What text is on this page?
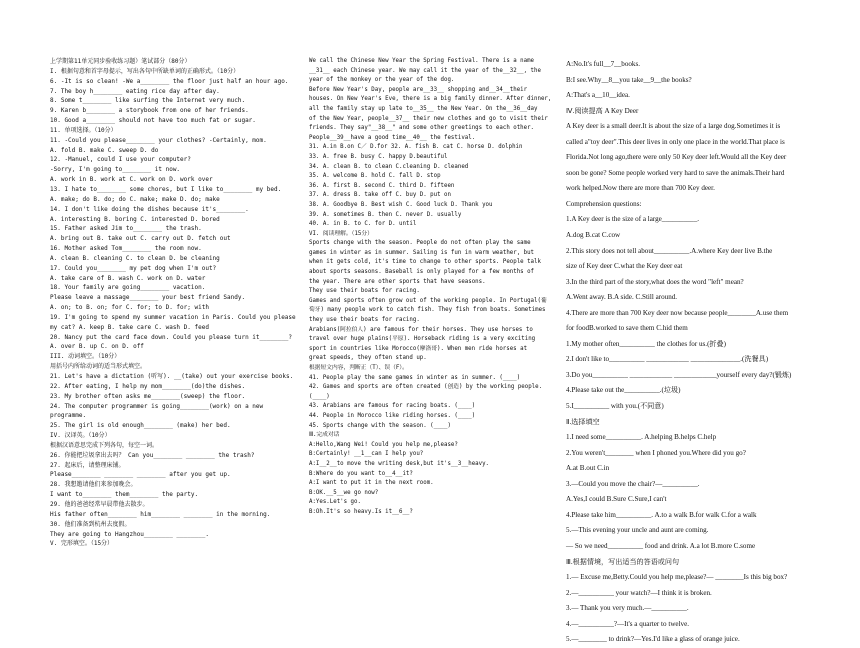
上学期第11单元同步验收练习题）笔试部分（80分）
I. 根据句意和首字母提示，写出各句中所缺单词的正确形式。（10分）
6. -It is so clean! -We a________ the floor just half an hour ago.
7. The boy h________ eating rice day after day.
8. Some t________ like surfing the Internet very much.
9. Karen b________ a storybook from one of her friends.
10. Good a________ should not have too much fat or sugar.
11. 单项选择。（10分）
11. -Could you please________ your clothes? -Certainly, mom.
A. fold B. make C. sweep D. do
12. -Manuel, could I use your computer?
-Sorry, I'm going to________ it now.
A. work in B. work at C. work on D. work over
13. I hate to________ some chores, but I like to________ my bed.
A. make; do B. do; do C. make; make D. do; make
14. I don't like doing the dishes because it's________.
A. interesting B. boring C. interested D. bored
15. Father asked Jim to________ the trash.
A. bring out B. take out C. carry out D. fetch out
16. Mother asked Tom________ the room now.
A. clean B. cleaning C. to clean D. be cleaning
17. Could you________ my pet dog when I'm out?
A. take care of B. wash C. work on D. water
18. Your family are going________ vacation.
Please leave a massage________ your best friend Sandy.
A. on; to B. on; for C. for; to D. for; with
19. I'm going to spend my summer vacation in Paris. Could you please
my cat? A. keep B. take care C. wash D. feed
20. Nancy put the card face down. Could you please turn it________?
A. over B. up C. on D. off
III. 动词填空。（10分）
用括号内所给动词的适当形式填空。
21. Let's have a dictation (听写). __(take) out your exercise books.
22. After eating, I help my mom________(do)the dishes.
23. My brother often asks me________(sweep) the floor.
24. The computer programmer is going________(work) on a new
programme.
25. The girl is old enough________ (make) her bed.
IV. 汉译英。（10分）
根据汉语意思完成下列各句，每空一词。
26. 你能把垃圾拿出去吗？ Can you________ ________ the trash?
27. 起床后，请整理床铺。
Please________ ________ ________ after you get up.
28. 我想邀请他们来参加晚会。
I want to________ them________ the party.
29. 他的爸爸经常早晨带他去散步。
His father often________ him________ ________ in the morning.
30. 他们准备到杭州去度假。
They are going to Hangzhou________ ________.
V. 完形填空。（15分）
We call the Chinese New Year the Spring Festival. There is a name
__31__ each Chinese year. We may call it the year of the__32__, the
year of the monkey or the year of the dog.
Before New Year's Day, people are__33__ shopping and__34__their
houses. On New Year's Eve, there is a big family dinner. After dinner,
all the family stay up late to__35__ the New Year. On the__36__day
of the New Year, people__37__ their new clothes and go to visit their
friends. They say"__38__" and some other greetings to each other.
People__39__have a good time__40__ the festival.
31. A.in B.on C／ D.for 32. A. fish B. cat C. horse D. dolphin
33. A. free B. busy C. happy D.beautiful
34. A. clean B. to clean C.cleaning D. cleaned
35. A. welcome B. hold C. fall D. stop
36. A. first B. second C. third D. fifteen
37. A. dress B. take off C. buy D. put on
38. A. Goodbye B. Best wish C. Good luck D. Thank you
39. A. sometimes B. then C. never D. usually
40. A. in B. to C. for D. until
VI. 阅读理解。（15分）
Sports change with the season. People do not often play the same
games in winter as in summer. Sailing is fun in warm weather, but
when it gets cold, it's time to change to other sports. People talk
about sports seasons. Baseball is only played for a few months of
the year. There are other sports that have seasons.
They use their boats for racing.
Games and sports often grow out of the working people. In Portugal(葡
萄牙) many people work to catch fish. They fish from boats. Sometimes
they use their boats for racing.
Arabians(阿拉伯人) are famous for their horses. They use horses to
travel over huge plains(平原). Horseback riding is a very exciting
sport in countries like Morocco(摩洛哥). When men ride horses at
great speeds, they often stand up.
根据短文内容，判断正（T）、误（F）。
41. People play the same games in winter as in summer. (____)
42. Games and sports are often created (创造) by the working people.
(____)
43. Arabians are famous for racing boats. (____)
44. People in Morocco like riding horses. (____)
45. Sports change with the season. (____)
Ⅲ.完成对话
A:Hello,Wang Wei! Could you help me,please?
B:Certainly! __1__can I help you?
A:I__2__to move the writing desk,but it's__3__heavy.
B:Where do you want to__4__it?
A:I want to put it in the next room.
B:OK.__5__we go now?
A:Yes.Let's go.
B:Oh.It's so heavy.Is it__6__?
A:No.It's full__7__books.
B:I see.Why__8__you take__9__the books?
A:That's a__10__idea.
Ⅳ.阅读提高 A Key Deer
A Key deer is a small deer.It is about the size of a large dog.Sometimes it is
called a"toy deer".This deer lives in only one place in the world.That place is
Florida.Not long ago,there were only 50 Key deer left.Would all the Key deer
soon be gone? Some people worked very hard to save the animals.Their hard
work helped.Now there are more than 700 Key deer.
Comprehension questions:
1.A Key deer is the size of a large__________.
A.dog B.cat C.cow
2.This story does not tell about__________.A.where Key deer live B.the
size of Key deer C.what the Key deer eat
3.In the third part of the story,what does the word "left" mean?
A.Went away. B.A side. C.Still around.
4.There are more than 700 Key deer now because people________A.use them
for foodB.worked to save them C.hid them
1.My mother often__________ the clothes for us.(折叠)
2.I don't like to__________ ____________ ______________.(洗餐具)
3.Do you__________ ____________ ____________yourself every day?(锻炼)
4.Please take out the__________.(垃圾)
5.I__________ with you.(不同意)
Ⅱ.选择填空
1.I need some__________. A.helping B.helps C.help
2.You weren't________ when I phoned you.Where did you go?
A.at B.out C.in
3.—Could you move the chair?—__________.
A.Yes,I could B.Sure C.Sure,I can't
4.Please take him__________. A.to a walk B.for walk C.for a walk
5.—This evening your uncle and aunt are coming.
— So we need__________ food and drink. A.a lot B.more C.some
Ⅲ.根据情境，写出适当的答语或问句
1.— Excuse me,Betty.Could you help me,please?— ________Is this big box?
2.—__________ your watch?—I think it is broken.
3.— Thank you very much.—__________.
4.—__________?—It's a quarter to twelve.
5.—________ to drink?—Yes.I'd like a glass of orange juice.
